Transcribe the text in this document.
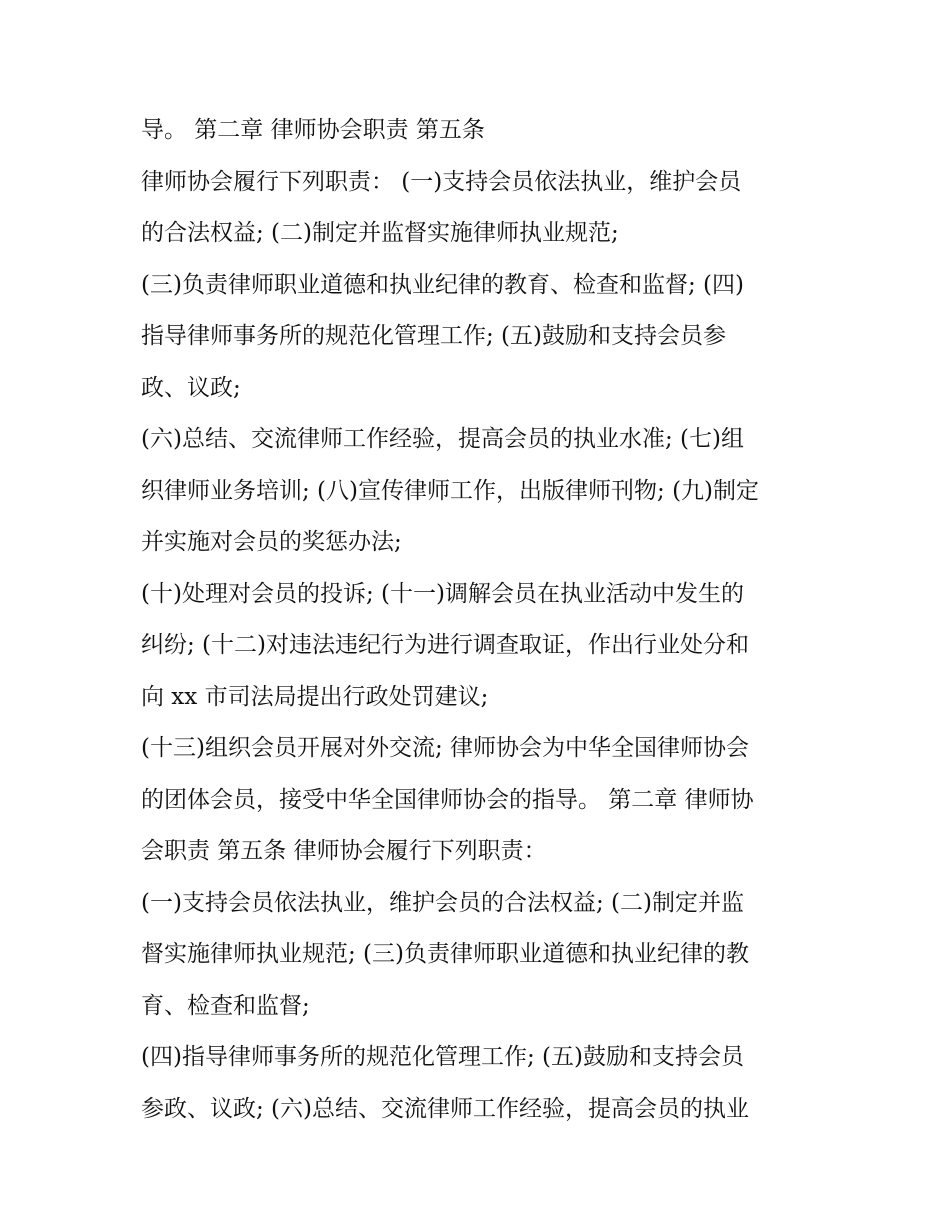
导。 第二章 律师协会职责 第五条

律师协会履行下列职责： (一)支持会员依法执业，维护会员

的合法权益; (二)制定并监督实施律师执业规范;

(三)负责律师职业道德和执业纪律的教育、检查和监督; (四)

指导律师事务所的规范化管理工作; (五)鼓励和支持会员参

政、议政;

(六)总结、交流律师工作经验，提高会员的执业水准; (七)组

织律师业务培训; (八)宣传律师工作，出版律师刊物; (九)制定

并实施对会员的奖惩办法;

(十)处理对会员的投诉; (十一)调解会员在执业活动中发生的

纠纷; (十二)对违法违纪行为进行调查取证，作出行业处分和

向 xx 市司法局提出行政处罚建议;

(十三)组织会员开展对外交流; 律师协会为中华全国律师协会

的团体会员，接受中华全国律师协会的指导。 第二章 律师协

会职责 第五条 律师协会履行下列职责：

(一)支持会员依法执业，维护会员的合法权益; (二)制定并监

督实施律师执业规范; (三)负责律师职业道德和执业纪律的教

育、检查和监督;

(四)指导律师事务所的规范化管理工作; (五)鼓励和支持会员

参政、议政; (六)总结、交流律师工作经验，提高会员的执业
